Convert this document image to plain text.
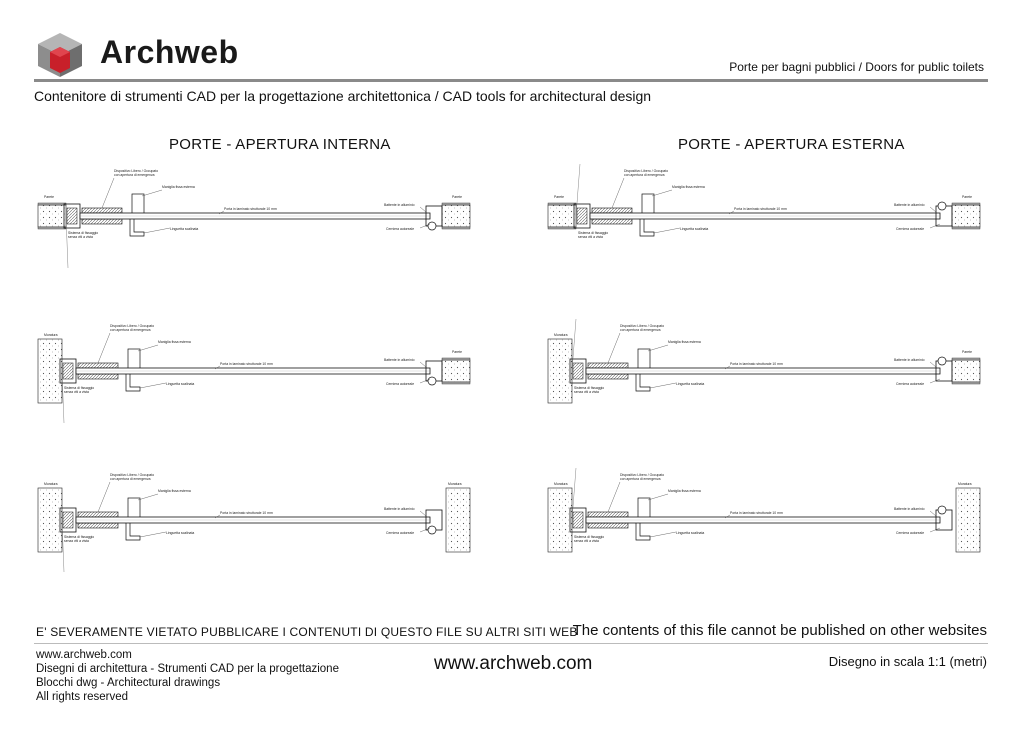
Archweb	Porte per bagni pubblici / Doors for public toilets
Contenitore di strumenti CAD per la progettazione architettonica / CAD tools for architectural design
PORTE - APERTURA INTERNA	PORTE - APERTURA ESTERNA
Parete	Parete
Dispositivo Libero / Occupato
con apertura di emergenza
Maniglia fissa esterna
Porta in laminato strutturale 10 mm
Battente in alluminio
Cerniera autoreale
Sistema di fissaggio
senza viti a vista
Linguetta scalinata
Parete	Parete
Dispositivo Libero / Occupato
con apertura di emergenza
Maniglia fissa esterna
Porta in laminato strutturale 10 mm
Battente in alluminio
Cerniera autoreale
Sistema di fissaggio
senza viti a vista
Linguetta scalinata
Muratura
Parete
Dispositivo Libero / Occupato
con apertura di emergenza
Maniglia fissa esterna
Porta in laminato strutturale 10 mm
Battente in alluminio
Cerniera autoreale
Sistema di fissaggio
senza viti a vista
Linguetta scalinata
Muratura
Parete
Dispositivo Libero / Occupato
con apertura di emergenza
Maniglia fissa esterna
Porta in laminato strutturale 10 mm
Battente in alluminio
Cerniera autoreale
Sistema di fissaggio
senza viti a vista
Linguetta scalinata
Muratura	Muratura
Dispositivo Libero / Occupato
con apertura di emergenza
Maniglia fissa esterna
Porta in laminato strutturale 10 mm
Battente in alluminio
Cerniera autoreale
Sistema di fissaggio
senza viti a vista
Linguetta scalinata
Muratura	Muratura
Dispositivo Libero / Occupato
con apertura di emergenza
Maniglia fissa esterna
Porta in laminato strutturale 10 mm
Battente in alluminio
Cerniera autoreale
Sistema di fissaggio
senza viti a vista
Linguetta scalinata
E' SEVERAMENTE VIETATO PUBBLICARE I CONTENUTI DI QUESTO FILE SU ALTRI SITI WEB
The contents of this file cannot be published on other websites
www.archweb.com
Disegni di architettura - Strumenti CAD per la progettazione
Blocchi dwg - Architectural drawings
All rights reserved
www.archweb.com	Disegno in scala 1:1 (metri)
